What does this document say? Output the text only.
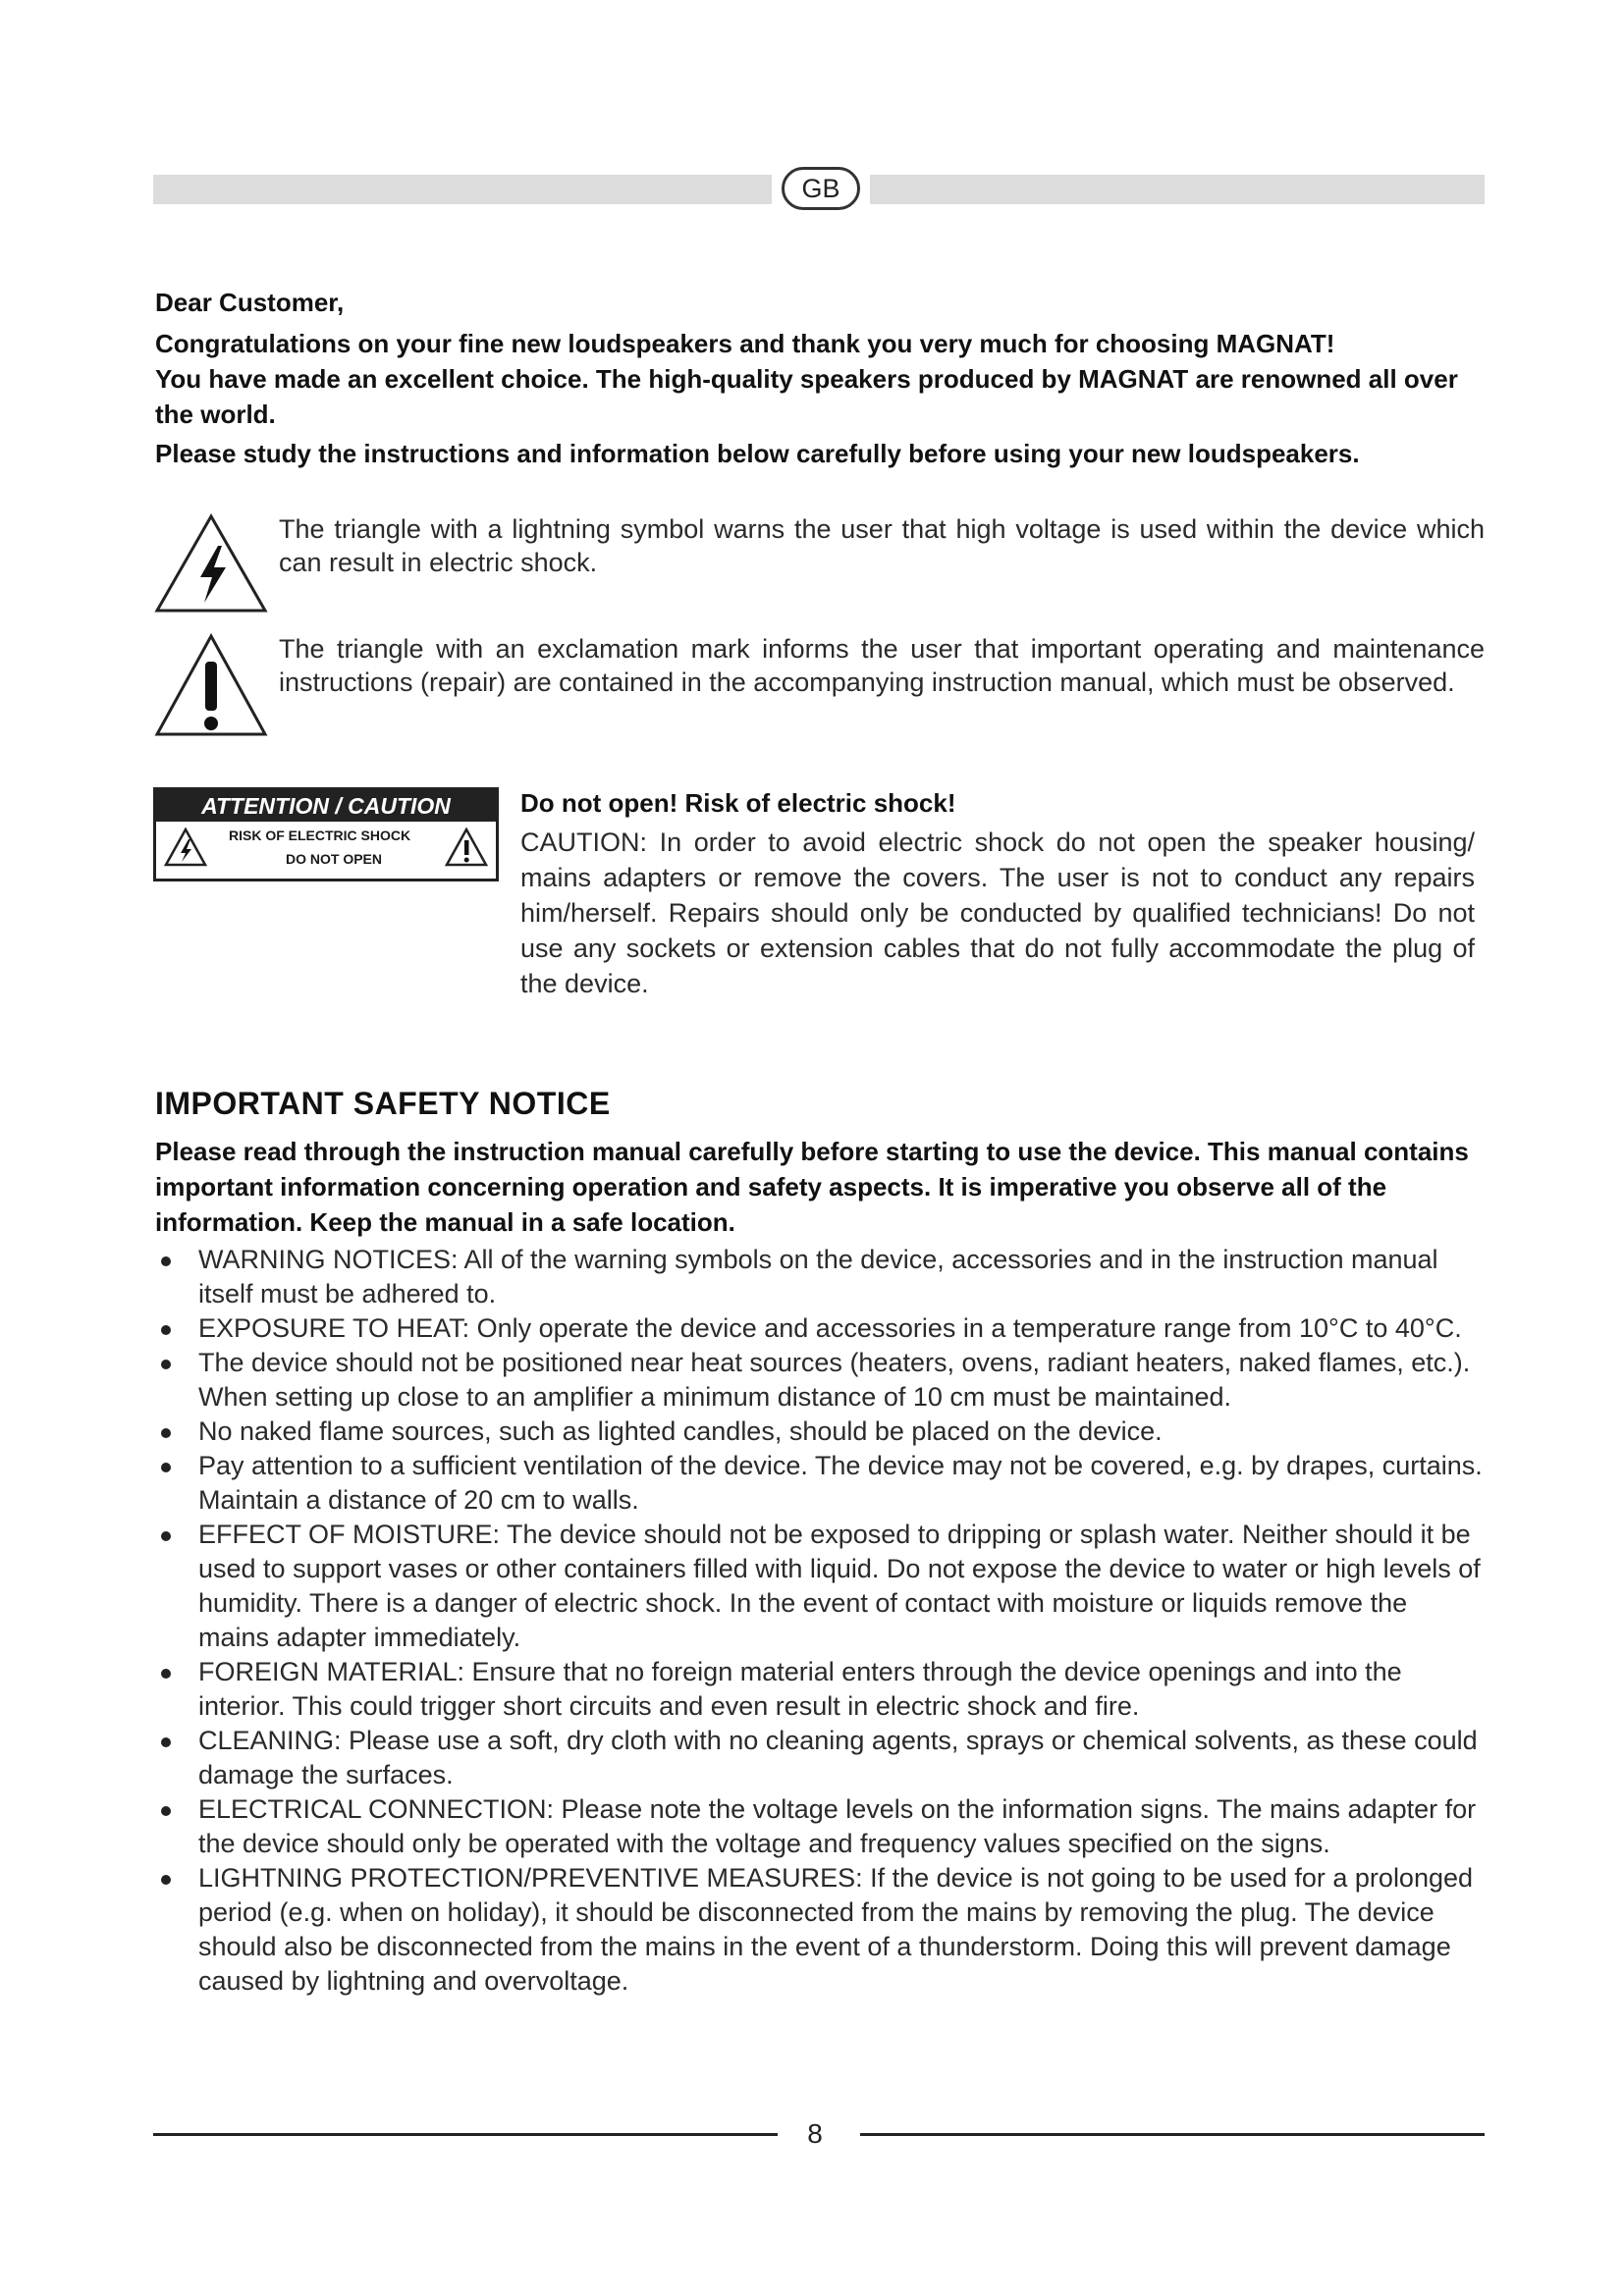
GB

Dear Customer,

Congratulations on your fine new loudspeakers and thank you very much for choosing MAGNAT!

You have made an excellent choice. The high-quality speakers produced by MAGNAT are renowned all over the world.

Please study the instructions and information below carefully before using your new loudspeakers.

The triangle with a lightning symbol warns the user that high voltage is used within the device which can result in electric shock.
The triangle with an exclamation mark informs the user that important operating and maintenance instructions (repair) are contained in the accompanying instruction manual, which must be observed.
ATTENTION / CAUTION
RISK OF ELECTRIC SHOCK
DO NOT OPEN
Do not open! Risk of electric shock!

CAUTION: In order to avoid electric shock do not open the speaker housing/ mains adapters or remove the covers. The user is not to conduct any repairs him/herself. Repairs should only be conducted by qualified technicians! Do not use any sockets or extension cables that do not fully accommodate the plug of the device.

IMPORTANT SAFETY NOTICE

Please read through the instruction manual carefully before starting to use the device. This manual contains important information concerning operation and safety aspects. It is imperative you observe all of the information. Keep the manual in a safe location.

WARNING NOTICES: All of the warning symbols on the device, accessories and in the instruction manual itself must be adhered to.
EXPOSURE TO HEAT: Only operate the device and accessories in a temperature range from 10°C to 40°C.
The device should not be positioned near heat sources (heaters, ovens, radiant heaters, naked flames, etc.). When setting up close to an amplifier a minimum distance of 10 cm must be maintained.
No naked flame sources, such as lighted candles, should be placed on the device.
Pay attention to a sufficient ventilation of the device. The device may not be covered, e.g. by drapes, curtains. Maintain a distance of 20 cm to walls.
EFFECT OF MOISTURE: The device should not be exposed to dripping or splash water. Neither should it be used to support vases or other containers filled with liquid. Do not expose the device to water or high levels of humidity. There is a danger of electric shock. In the event of contact with moisture or liquids remove the mains adapter immediately.
FOREIGN MATERIAL: Ensure that no foreign material enters through the device openings and into the interior. This could trigger short circuits and even result in electric shock and fire.
CLEANING: Please use a soft, dry cloth with no cleaning agents, sprays or chemical solvents, as these could damage the surfaces.
ELECTRICAL CONNECTION: Please note the voltage levels on the information signs. The mains adapter for the device should only be operated with the voltage and frequency values specified on the signs.
LIGHTNING PROTECTION/PREVENTIVE MEASURES: If the device is not going to be used for a prolonged period (e.g. when on holiday), it should be disconnected from the mains by removing the plug. The device should also be disconnected from the mains in the event of a thunderstorm. Doing this will prevent damage caused by lightning and overvoltage.
8
